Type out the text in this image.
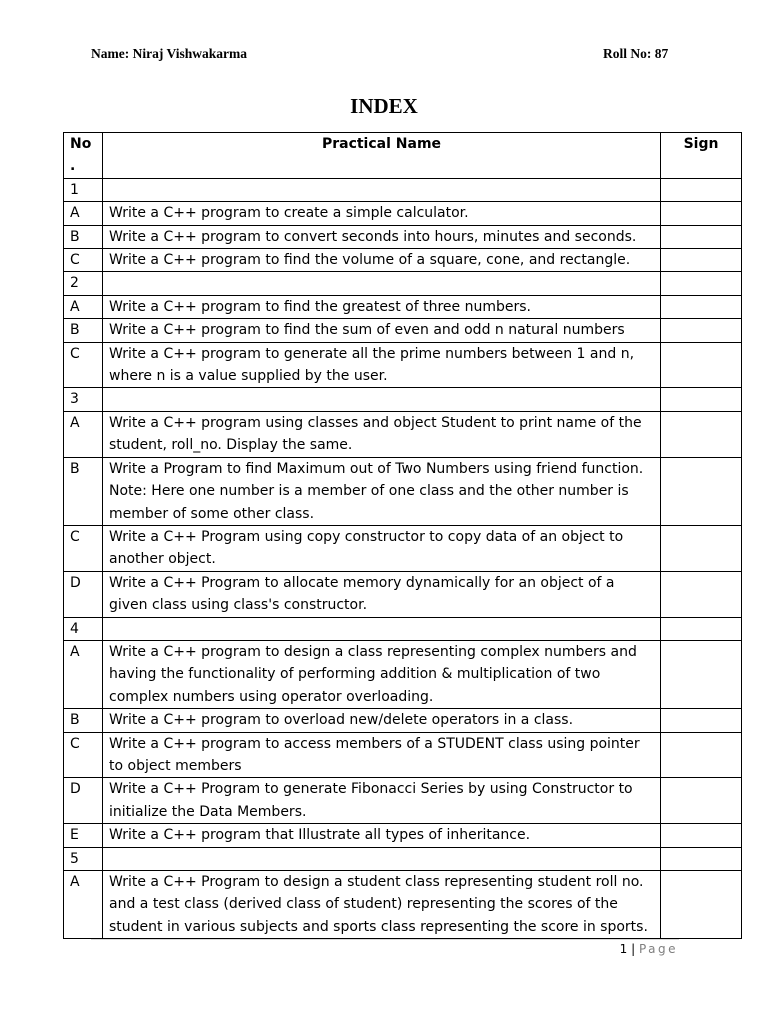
Name: Niraj Vishwakarma	Roll No: 87
INDEX
No.	Practical Name	Sign
1		
A	Write a C++ program to create a simple calculator.	

B	Write a C++ program to convert seconds into hours, minutes and seconds.	

C	Write a C++ program to find the volume of a square, cone, and rectangle.	

2		
A	Write a C++ program to find the greatest of three numbers.	

B	Write a C++ program to find the sum of even and odd n natural numbers	

C	Write a C++ program to generate all the prime numbers between 1 and n, where n is a value supplied by the user.	

3		
A	Write a C++ program using classes and object Student to print name of the student, roll_no. Display the same.	

B	Write a Program to find Maximum out of Two Numbers using friend function.
Note: Here one number is a member of one class and the other number is member of some other class.	

C	Write a C++ Program using copy constructor to copy data of an object to another object.	

D	Write a C++ Program to allocate memory dynamically for an object of a given class using class's constructor.	

4		
A	Write a C++ program to design a class representing complex numbers and having the functionality of performing addition & multiplication of two complex numbers using operator overloading.	

B	Write a C++ program to overload new/delete operators in a class.	

C	Write a C++ program to access members of a STUDENT class using pointer to object members	

D	Write a C++ Program to generate Fibonacci Series by using Constructor to initialize the Data Members.	

E	Write a C++ program that Illustrate all types of inheritance.	

5		
A	Write a C++ Program to design a student class representing student roll no. and a test class (derived class of student) representing the scores of the student in various subjects and sports class representing the score in sports.	

1 | Page
